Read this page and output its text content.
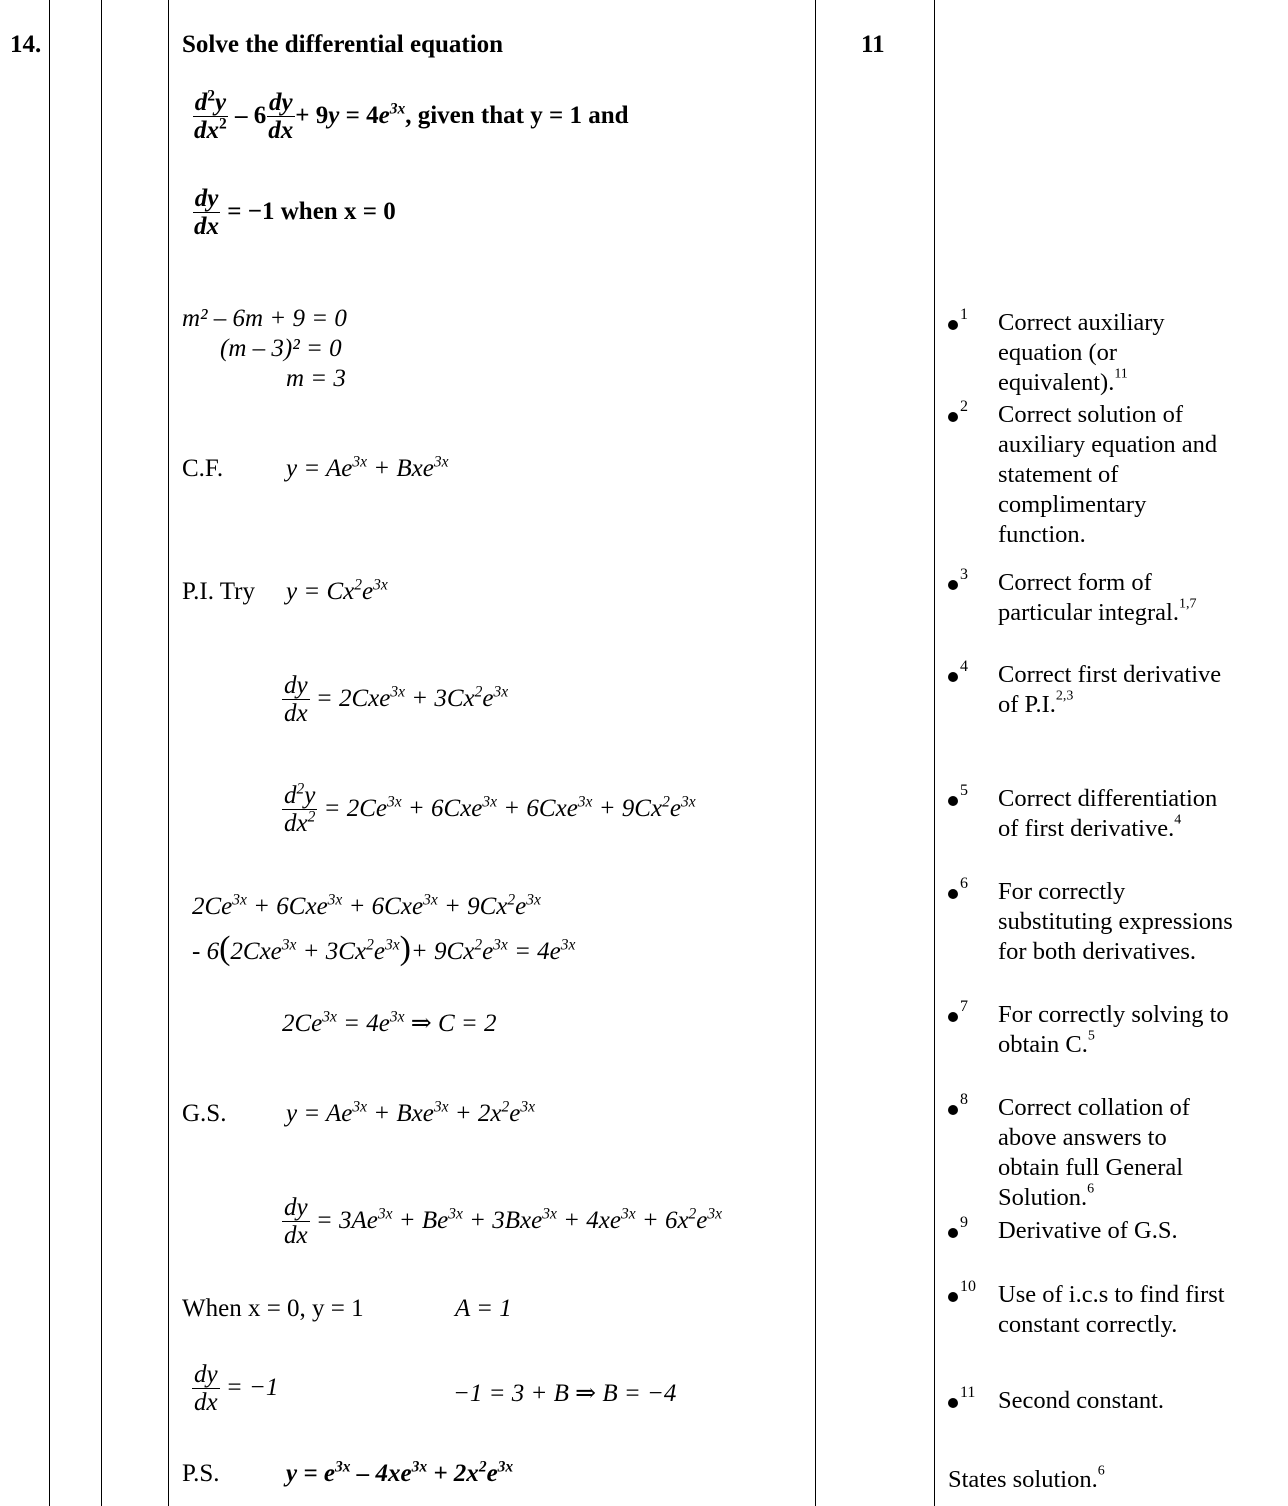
14.	11
Solve the differential equation
$\frac{d^2y}{dx^2} - 6 \frac{dy}{dx} + 9y = 4e^{3x}$, given that y = 1 and
$\frac{dy}{dx} = -1$ when x = 0
m² – 6m + 9 = 0
(m – 3)² = 0
m = 3
C.F.	$y = Ae^{3x} + Bxe^{3x}$
P.I. Try $y = Cx^2e^{3x}$
$\frac{dy}{dx} = 2Cxe^{3x} + 3Cx^2e^{3x}$
$\frac{d^2y}{dx^2} = 2Ce^{3x} + 6Cxe^{3x} + 6Cxe^{3x} + 9Cx^2e^{3x}$
$2Ce^{3x} + 6Cxe^{3x} + 6Cxe^{3x} + 9Cx^2e^{3x}$
- $6(2Cxe^{3x} + 3Cx^2e^{3x})+ 9Cx^2e^{3x} = 4e^{3x}$
$2Ce^{3x} = 4e^{3x}$ ⇒ C = 2
G.S. $y = Ae^{3x} + Bxe^{3x} + 2x^2e^{3x}$
$\frac{dy}{dx} = 3Ae^{3x} + Be^{3x} + 3Bxe^{3x} + 4xe^{3x} + 6x^2e^{3x}$
When x = 0, y = 1	A = 1
$\frac{dy}{dx} = -1$	−1 = 3 + B ⇒ B = −4
P.S.	$y = e^{3x} - 4xe^{3x} + 2x^2e^{3x}$
1 Correct auxiliary equation (or equivalent).$^{11}$
2 Correct solution of auxiliary equation and statement of complimentary function.
3 Correct form of particular integral.$^{1,7}$
4 Correct first derivative of P.I.$^{2,3}$
5 Correct differentiation of first derivative.$^4$
6 For correctly substituting expressions for both derivatives.
7 For correctly solving to obtain C.$^5$
8 Correct collation of above answers to obtain full General Solution.$^6$
9 Derivative of G.S.
10 Use of i.c.s to find first constant correctly.
11 Second constant.
States solution.$^6$
